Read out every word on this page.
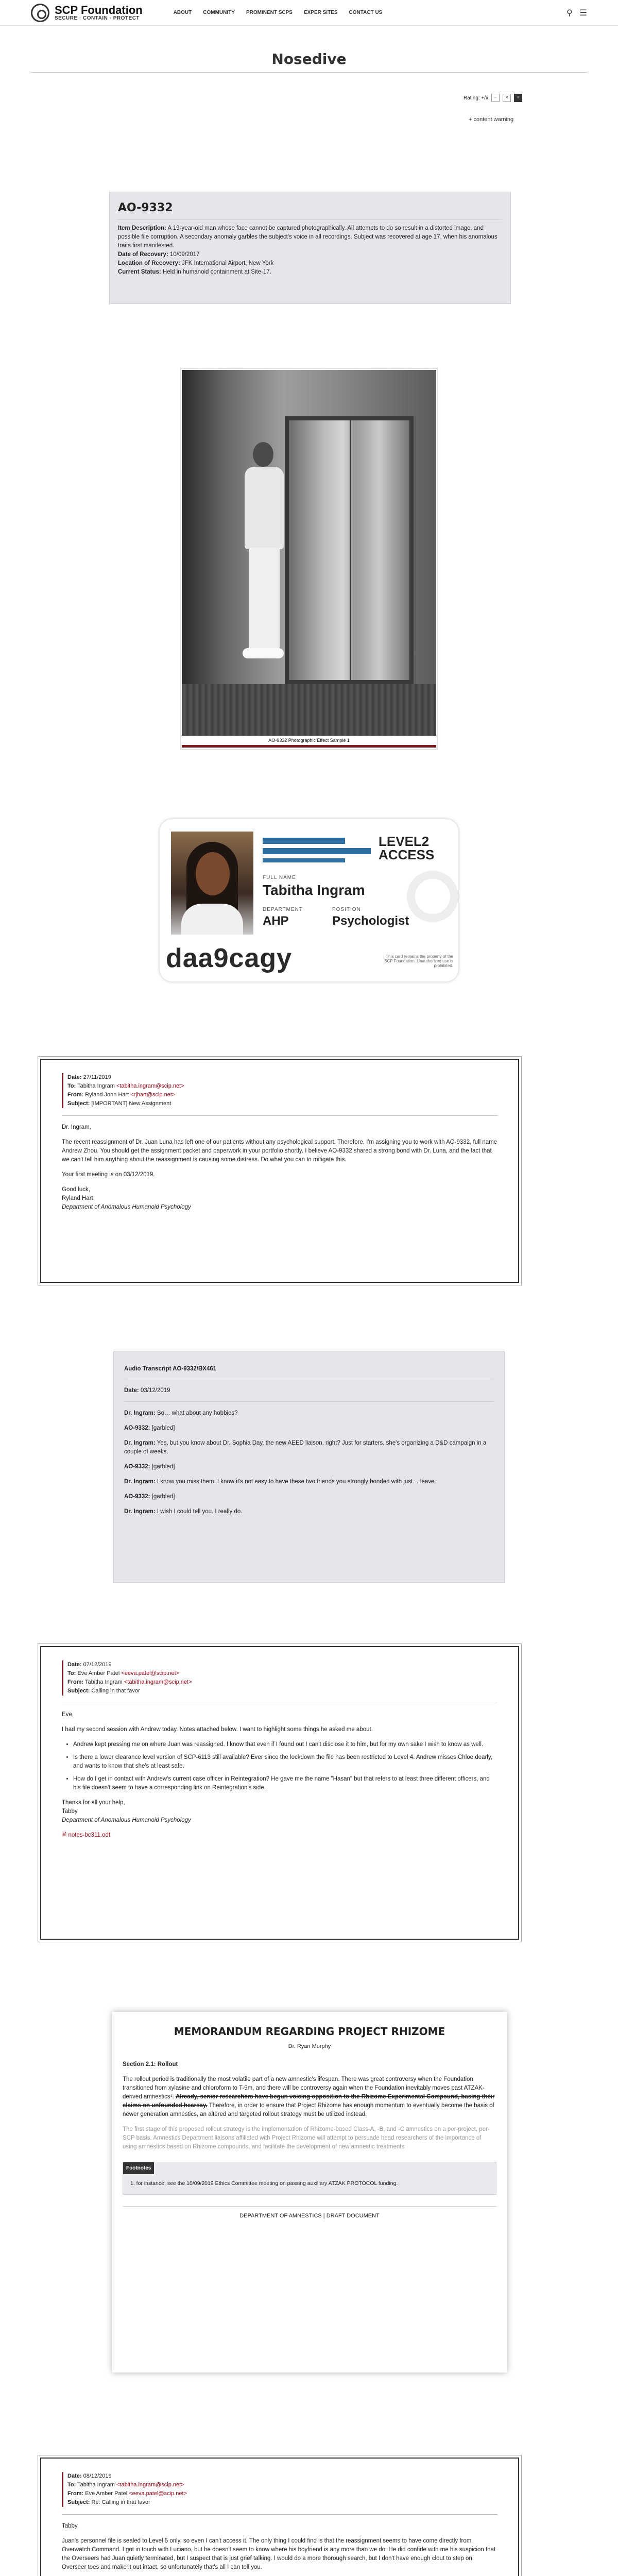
SCP Foundation
SECURE · CONTAIN · PROTECT
ABOUT COMMUNITY PROMINENT SCPS EXPER SITES CONTACT US	⚲ ☰
Nosedive
Rating: +/x	−	×	+
+ content warning
AO-9332

Item Description: A 19-year-old man whose face cannot be captured photographically. All attempts to do so result in a distorted image, and possible file corruption. A secondary anomaly garbles the subject's voice in all recordings. Subject was recovered at age 17, when his anomalous traits first manifested.

Date of Recovery: 10/09/2017

Location of Recovery: JFK International Airport, New York

Current Status: Held in humanoid containment at Site-17.

AO-9332 Photographic Effect Sample 1
LEVEL2
ACCESS
FULL NAME
Tabitha Ingram
DEPARTMENT
AHP
POSITION
Psychologist
daa9cagy	This card remains the property of the SCP Foundation. Unauthorized use is prohibited.
Date: 27/11/2019
To: Tabitha Ingram <tabitha.ingram@scip.net>
From: Ryland John Hart <rjhart@scip.net>
Subject: [IMPORTANT] New Assignment

Dr. Ingram,

The recent reassignment of Dr. Juan Luna has left one of our patients without any psychological support. Therefore, I'm assigning you to work with AO-9332, full name Andrew Zhou. You should get the assignment packet and paperwork in your portfolio shortly. I believe AO-9332 shared a strong bond with Dr. Luna, and the fact that we can't tell him anything about the reassignment is causing some distress. Do what you can to mitigate this.

Your first meeting is on 03/12/2019.

Good luck,
Ryland Hart
Department of Anomalous Humanoid Psychology
Audio Transcript AO-9332/BX461

Date: 03/12/2019

Dr. Ingram: So… what about any hobbies?

AO-9332: [garbled]

Dr. Ingram: Yes, but you know about Dr. Sophia Day, the new AEED liaison, right? Just for starters, she's organizing a D&D campaign in a couple of weeks.

AO-9332: [garbled]

Dr. Ingram: I know you miss them. I know it's not easy to have these two friends you strongly bonded with just… leave.

AO-9332: [garbled]

Dr. Ingram: I wish I could tell you. I really do.

Date: 07/12/2019
To: Eve Amber Patel <eeva.patel@scip.net>
From: Tabitha Ingram <tabitha.ingram@scip.net>
Subject: Calling in that favor

Eve,

I had my second session with Andrew today. Notes attached below. I want to highlight some things he asked me about.

• Andrew kept pressing me on where Juan was reassigned. I know that even if I found out I can't disclose it to him, but for my own sake I wish to know as well.
• Is there a lower clearance level version of SCP-6113 still available? Ever since the lockdown the file has been restricted to Level 4. Andrew misses Chloe dearly, and wants to know that she's at least safe.
• How do I get in contact with Andrew's current case officer in Reintegration? He gave me the name "Hasan" but that refers to at least three different officers, and his file doesn't seem to have a corresponding link on Reintegration's side.
Thanks for all your help,
Tabby
Department of Anomalous Humanoid Psychology
🗎 notes-bc311.odt
MEMORANDUM REGARDING PROJECT RHIZOME
Dr. Ryan Murphy
Section 2.1: Rollout

The rollout period is traditionally the most volatile part of a new amnestic's lifespan. There was great controversy when the Foundation transitioned from xylasine and chloroform to T-9m, and there will be controversy again when the Foundation inevitably moves past ATZAK-derived amnestics¹. Already, senior researchers have begun voicing opposition to the Rhizome Experimental Compound, basing their claims on unfounded hearsay. Therefore, in order to ensure that Project Rhizome has enough momentum to eventually become the basis of newer generation amnestics, an altered and targeted rollout strategy must be utilized instead.

The first stage of this proposed rollout strategy is the implementation of Rhizome-based Class-A, -B, and -C amnestics on a per-project, per-SCP basis. Amnestics Department liaisons affiliated with Project Rhizome will attempt to persuade head researchers of the importance of using amnestics based on Rhizome compounds, and facilitate the development of new amnestic treatments

Footnotes
1. for instance, see the 10/09/2019 Ethics Committee meeting on passing auxiliary ATZAK PROTOCOL funding.
DEPARTMENT OF AMNESTICS | DRAFT DOCUMENT
Date: 08/12/2019
To: Tabitha Ingram <tabitha.ingram@scip.net>
From: Eve Amber Patel <eeva.patel@scip.net>
Subject: Re: Calling in that favor

Tabby,

Juan's personnel file is sealed to Level 5 only, so even I can't access it. The only thing I could find is that the reassignment seems to have come directly from Overwatch Command. I got in touch with Luciano, but he doesn't seem to know where his boyfriend is any more than we do. He did confide with me his suspicion that the Overseers had Juan quietly terminated, but I suspect that is just grief talking. I would do a more thorough search, but I don't have enough clout to step on Overseer toes and make it out intact, so unfortunately that's all I can tell you.
